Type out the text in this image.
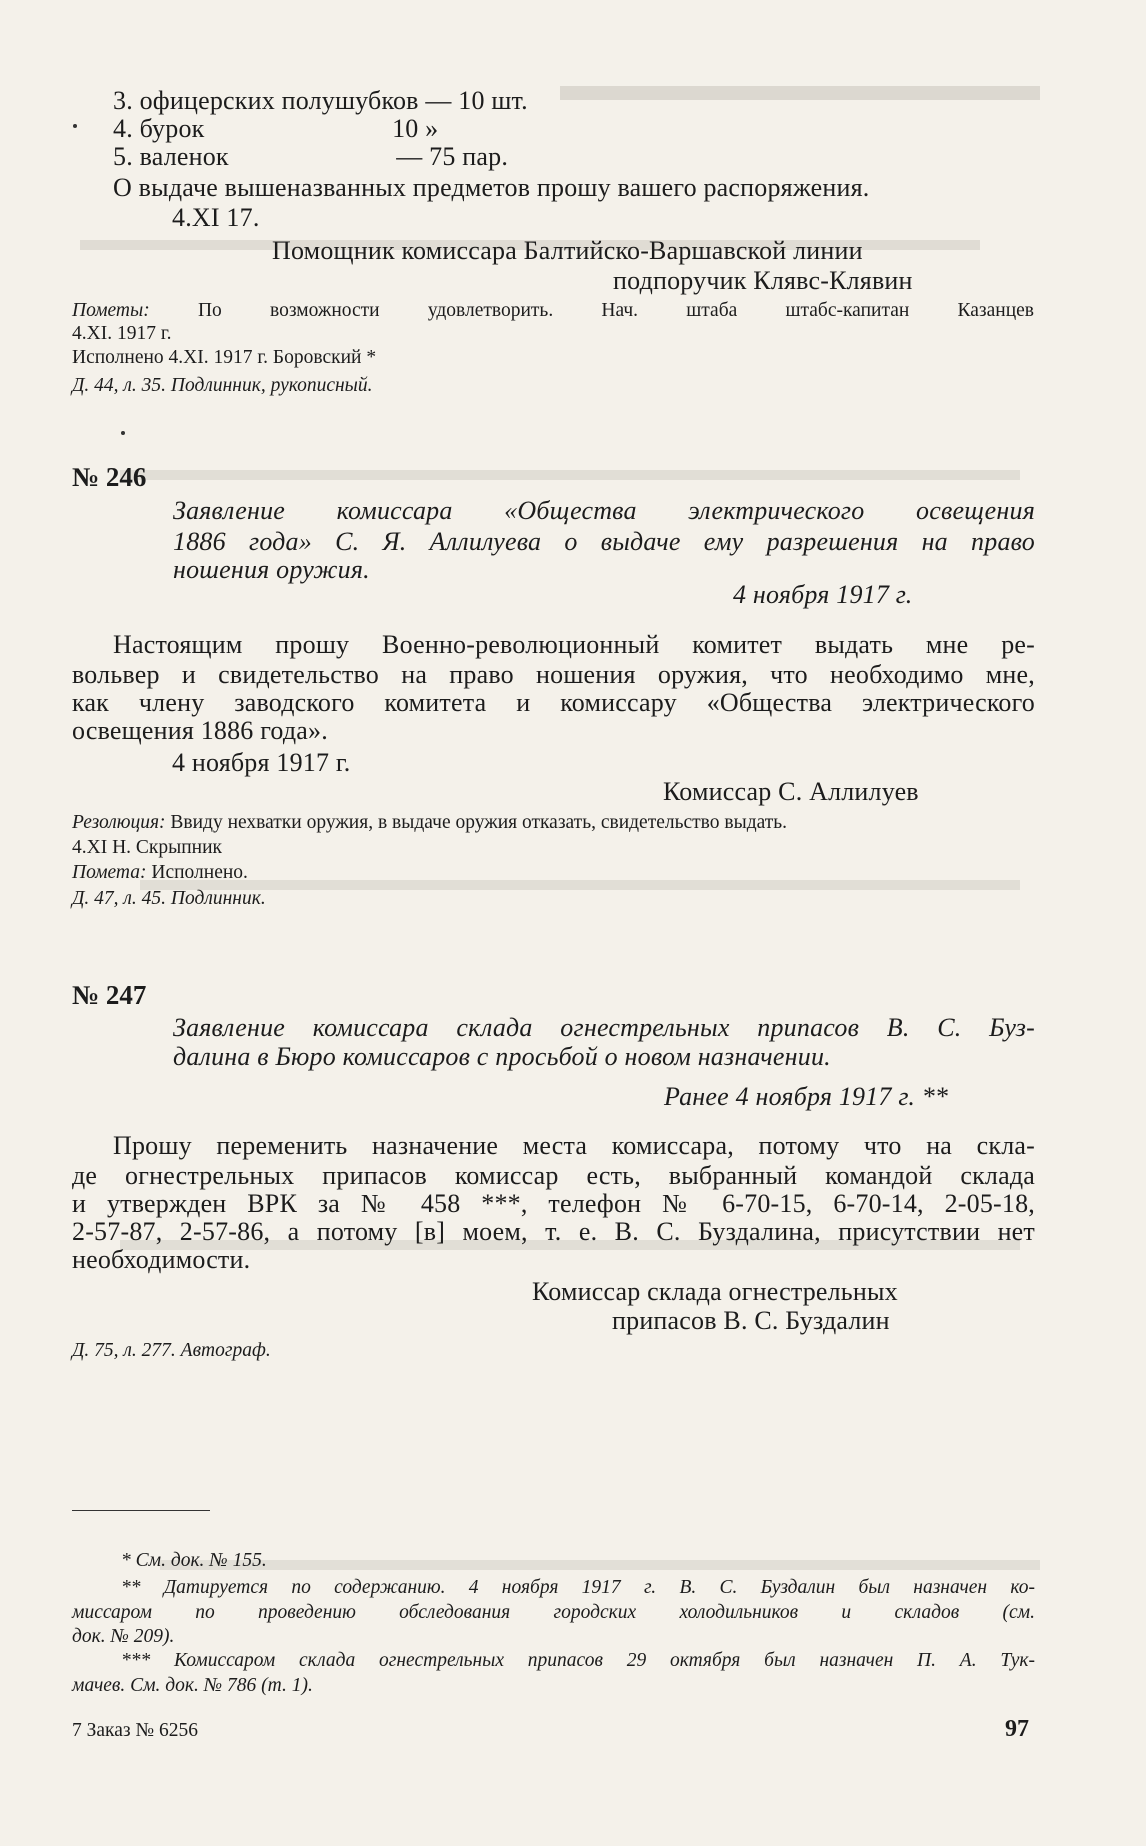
3. офицерских полушубков — 10 шт.
4. бурок                            10 »
5. валенок                         — 75 пар.
О выдаче вышеназванных предметов прошу вашего распоряжения.
4.XI 17.
Помощник комиссара Балтийско-Варшавской линии
подпоручик Клявс-Клявин
Пометы: По возможности удовлетворить. Нач. штаба штабс-капитан Казанцев
4.XI. 1917 г.
Исполнено 4.XI. 1917 г. Боровский *
Д. 44, л. 35. Подлинник, рукописный.
№ 246
Заявление комиссара «Общества электрического освещения
1886 года» С. Я. Аллилуева о выдаче ему разрешения на право
ношения оружия.
4 ноября 1917 г.
Настоящим прошу Военно-революционный комитет выдать мне ре-
вольвер и свидетельство на право ношения оружия, что необходимо мне,
как члену заводского комитета и комиссару «Общества электрического
освещения 1886 года».
4 ноября 1917 г.
Комиссар С. Аллилуев
Резолюция: Ввиду нехватки оружия, в выдаче оружия отказать, свидетельство выдать.
4.XI Н. Скрыпник
Помета: Исполнено.
Д. 47, л. 45. Подлинник.
№ 247
Заявление комиссара склада огнестрельных припасов В. С. Буз-
далина в Бюро комиссаров с просьбой о новом назначении.
Ранее 4 ноября 1917 г. **
Прошу переменить назначение места комиссара, потому что на скла-
де огнестрельных припасов комиссар есть, выбранный командой склада
и утвержден ВРК за № 458 ***, телефон № 6-70-15, 6-70-14, 2-05-18,
2-57-87, 2-57-86, а потому [в] моем, т. е. В. С. Буздалина, присутствии нет
необходимости.
Комиссар склада огнестрельных
припасов В. С. Буздалин
Д. 75, л. 277. Автограф.
* См. док. № 155.
** Датируется по содержанию. 4 ноября 1917 г. В. С. Буздалин был назначен ко-
миссаром по проведению обследования городских холодильников и складов (см.
док. № 209).
*** Комиссаром склада огнестрельных припасов 29 октября был назначен П. А. Тук-
мачев. См. док. № 786 (т. 1).
7 Заказ № 6256	97
